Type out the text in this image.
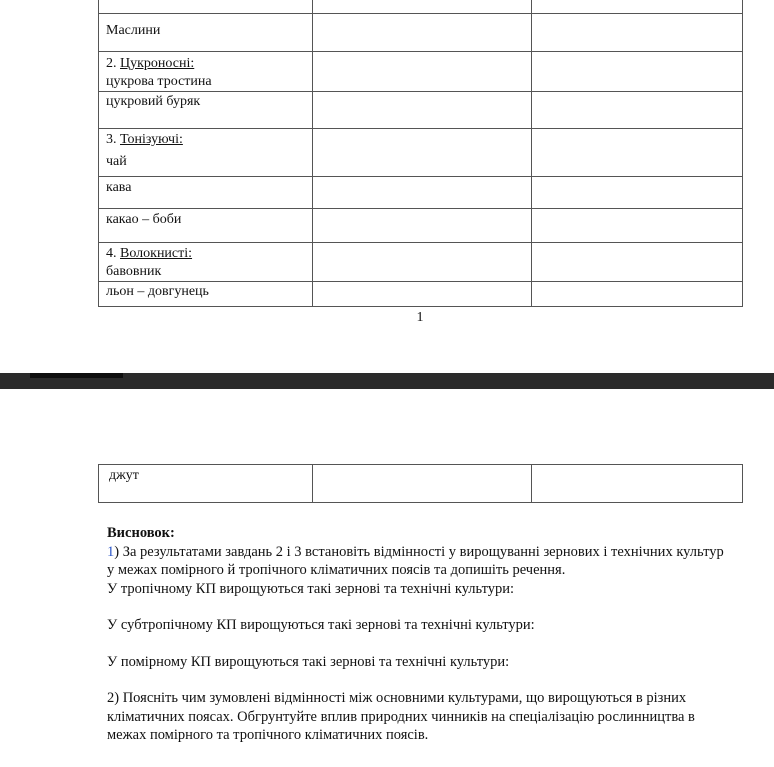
Маслини		
2. Цукроносні:
цукрова тростина		
цукровий буряк		
3. Тонізуючі:
чай		
кава		
какао – боби		
4. Волокнисті:
бавовник		
льон – довгунець		
1
джут		

Висновок:

1) За результатами завдань 2 і 3 встановіть відмінності у вирощуванні зернових і технічних культур у межах помірного й тропічного кліматичних поясів та допишіть речення.

У тропічному КП вирощуються такі зернові та технічні культури:

У субтропічному КП вирощуються такі зернові та технічні культури:

У помірному КП вирощуються такі зернові та технічні культури:

2) Поясніть чим зумовлені відмінності між основними культурами, що вирощуються в різних кліматичних поясах. Обгрунтуйте вплив природних чинників на спеціалізацію рослинництва в межах помірного та тропічного кліматичних поясів.
